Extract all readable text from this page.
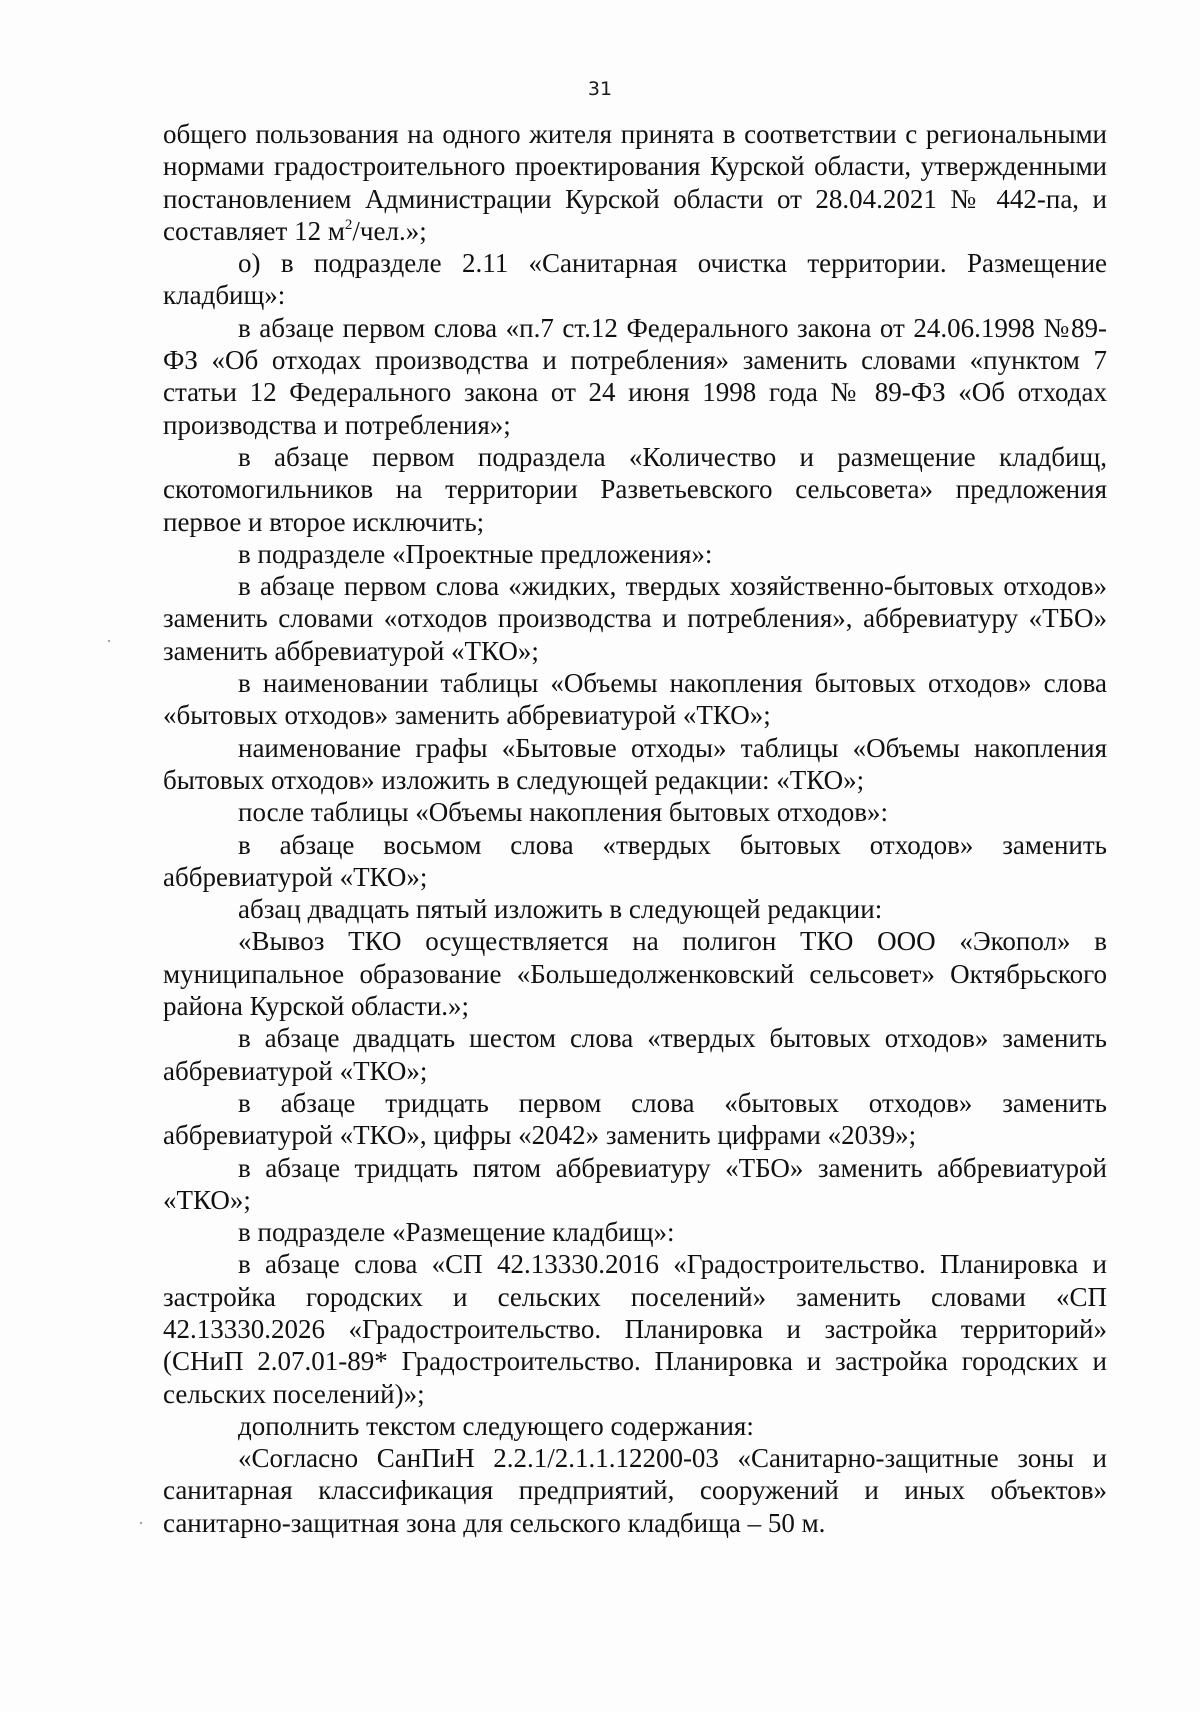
31

общего пользования на одного жителя принята в соответствии с региональными нормами градостроительного проектирования Курской области, утвержденными постановлением Администрации Курской области от 28.04.2021 № 442-па, и составляет 12 $м^2$/чел.»;

о) в подразделе 2.11 «Санитарная очистка территории. Размещение кладбищ»:

в абзаце первом слова «п.7 ст.12 Федерального закона от 24.06.1998 №89-ФЗ «Об отходах производства и потребления» заменить словами «пунктом 7 статьи 12 Федерального закона от 24 июня 1998 года № 89-ФЗ «Об отходах производства и потребления»;

в абзаце первом подраздела «Количество и размещение кладбищ, скотомогильников на территории Разветьевского сельсовета» предложения первое и второе исключить;

в подразделе «Проектные предложения»:

в абзаце первом слова «жидких, твердых хозяйственно-бытовых отходов» заменить словами «отходов производства и потребления», аббревиатуру «ТБО» заменить аббревиатурой «ТКО»;

в наименовании таблицы «Объемы накопления бытовых отходов» слова «бытовых отходов» заменить аббревиатурой «ТКО»;

наименование графы «Бытовые отходы» таблицы «Объемы накопления бытовых отходов» изложить в следующей редакции: «ТКО»;

после таблицы «Объемы накопления бытовых отходов»:

в абзаце восьмом слова «твердых бытовых отходов» заменить аббревиатурой «ТКО»;

абзац двадцать пятый изложить в следующей редакции:

«Вывоз ТКО осуществляется на полигон ТКО ООО «Экопол» в муниципальное образование «Большедолженковский сельсовет» Октябрьского района Курской области.»;

в абзаце двадцать шестом слова «твердых бытовых отходов» заменить аббревиатурой «ТКО»;

в абзаце тридцать первом слова «бытовых отходов» заменить аббревиатурой «ТКО», цифры «2042» заменить цифрами «2039»;

в абзаце тридцать пятом аббревиатуру «ТБО» заменить аббревиатурой «ТКО»;

в подразделе «Размещение кладбищ»:

в абзаце слова «СП 42.13330.2016 «Градостроительство. Планировка и застройка городских и сельских поселений» заменить словами «СП 42.13330.2026 «Градостроительство. Планировка и застройка территорий» (СНиП 2.07.01-89* Градостроительство. Планировка и застройка городских и сельских поселений)»;

дополнить текстом следующего содержания:

«Согласно СанПиН 2.2.1/2.1.1.12200-03 «Санитарно-защитные зоны и санитарная классификация предприятий, сооружений и иных объектов» санитарно-защитная зона для сельского кладбища – 50 м.
